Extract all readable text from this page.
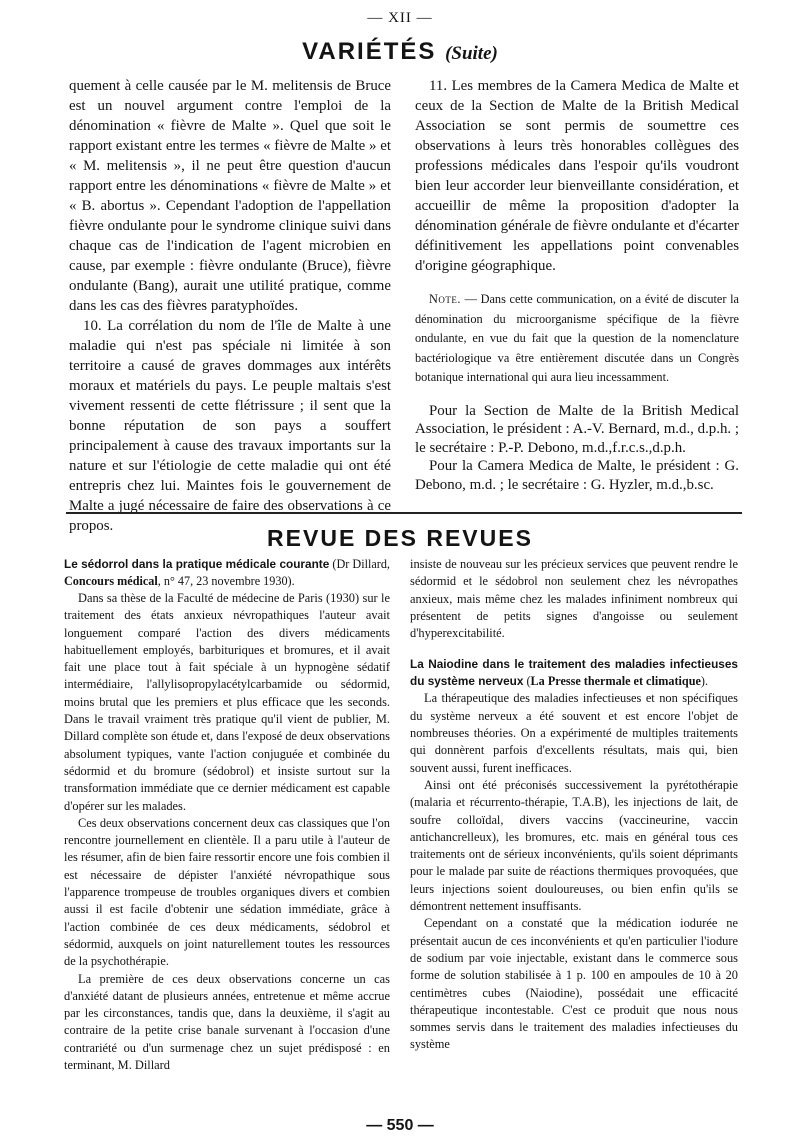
— XII —
VARIÉTÉS (Suite)

quement à celle causée par le M. melitensis de Bruce est un nouvel argument contre l'emploi de la dénomination « fièvre de Malte ». Quel que soit le rapport existant entre les termes « fièvre de Malte » et « M. melitensis », il ne peut être question d'aucun rapport entre les dénominations « fièvre de Malte » et « B. abortus ». Cependant l'adoption de l'appellation fièvre ondulante pour le syndrome clinique suivi dans chaque cas de l'indication de l'agent microbien en cause, par exemple : fièvre ondulante (Bruce), fièvre ondulante (Bang), aurait une utilité pratique, comme dans les cas des fièvres paratyphoïdes.

10. La corrélation du nom de l'île de Malte à une maladie qui n'est pas spéciale ni limitée à son territoire a causé de graves dommages aux intérêts moraux et matériels du pays. Le peuple maltais s'est vivement ressenti de cette flétrissure ; il sent que la bonne réputation de son pays a souffert principalement à cause des travaux importants sur la nature et sur l'étiologie de cette maladie qui ont été entrepris chez lui. Maintes fois le gouvernement de Malte a jugé nécessaire de faire des observations à ce propos.

11. Les membres de la Camera Medica de Malte et ceux de la Section de Malte de la British Medical Association se sont permis de soumettre ces observations à leurs très honorables collègues des professions médicales dans l'espoir qu'ils voudront bien leur accorder leur bienveillante considération, et accueillir de même la proposition d'adopter la dénomination générale de fièvre ondulante et d'écarter définitivement les appellations point convenables d'origine géographique.

Note. — Dans cette communication, on a évité de discuter la dénomination du microorganisme spécifique de la fièvre ondulante, en vue du fait que la question de la nomenclature bactériologique va être entièrement discutée dans un Congrès botanique international qui aura lieu incessamment.

Pour la Section de Malte de la British Medical Association, le président : A.-V. Bernard, m.d., d.p.h. ; le secrétaire : P.-P. Debono, m.d.,f.r.c.s.,d.p.h.

Pour la Camera Medica de Malte, le président : G. Debono, m.d. ; le secrétaire : G. Hyzler, m.d.,b.sc.

REVUE DES REVUES

Le sédorrol dans la pratique médicale courante (Dr Dillard, Concours médical, n° 47, 23 novembre 1930).

Dans sa thèse de la Faculté de médecine de Paris (1930) sur le traitement des états anxieux névropathiques l'auteur avait longuement comparé l'action des divers médicaments habituellement employés, barbituriques et bromures, et il avait fait une place tout à fait spéciale à un hypnogène sédatif intermédiaire, l'allylisopropylacétylcarbamide ou sédormid, moins brutal que les premiers et plus efficace que les seconds. Dans le travail vraiment très pratique qu'il vient de publier, M. Dillard complète son étude et, dans l'exposé de deux observations absolument typiques, vante l'action conjuguée et combinée du sédormid et du bromure (sédobrol) et insiste surtout sur la transformation immédiate que ce dernier médicament est capable d'opérer sur les malades.

Ces deux observations concernent deux cas classiques que l'on rencontre journellement en clientèle. Il a paru utile à l'auteur de les résumer, afin de bien faire ressortir encore une fois combien il est nécessaire de dépister l'anxiété névropathique sous l'apparence trompeuse de troubles organiques divers et combien aussi il est facile d'obtenir une sédation immédiate, grâce à l'action combinée de ces deux médicaments, sédobrol et sédormid, auxquels on joint naturellement toutes les ressources de la psychothérapie.

La première de ces deux observations concerne un cas d'anxiété datant de plusieurs années, entretenue et même accrue par les circonstances, tandis que, dans la deuxième, il s'agit au contraire de la petite crise banale survenant à l'occasion d'une contrariété ou d'un surmenage chez un sujet prédisposé : en terminant, M. Dillard

insiste de nouveau sur les précieux services que peuvent rendre le sédormid et le sédobrol non seulement chez les névropathes anxieux, mais même chez les malades infiniment nombreux qui présentent de petits signes d'angoisse ou seulement d'hyperexcitabilité.

La Naiodine dans le traitement des maladies infectieuses du système nerveux (La Presse thermale et climatique).

La thérapeutique des maladies infectieuses et non spécifiques du système nerveux a été souvent et est encore l'objet de nombreuses théories. On a expérimenté de multiples traitements qui donnèrent parfois d'excellents résultats, mais qui, bien souvent aussi, furent inefficaces.

Ainsi ont été préconisés successivement la pyrétothérapie (malaria et récurrento-thérapie, T.A.B), les injections de lait, de soufre colloïdal, divers vaccins (vaccineurine, vaccin antichancrelleux), les bromures, etc. mais en général tous ces traitements ont de sérieux inconvénients, qu'ils soient déprimants pour le malade par suite de réactions thermiques provoquées, que leurs injections soient douloureuses, ou bien enfin qu'ils se démontrent nettement insuffisants.

Cependant on a constaté que la médication iodurée ne présentait aucun de ces inconvénients et qu'en particulier l'iodure de sodium par voie injectable, existant dans le commerce sous forme de solution stabilisée à 1 p. 100 en ampoules de 10 à 20 centimètres cubes (Naiodine), possédait une efficacité thérapeutique incontestable. C'est ce produit que nous nous sommes servis dans le traitement des maladies infectieuses du système

— 550 —
